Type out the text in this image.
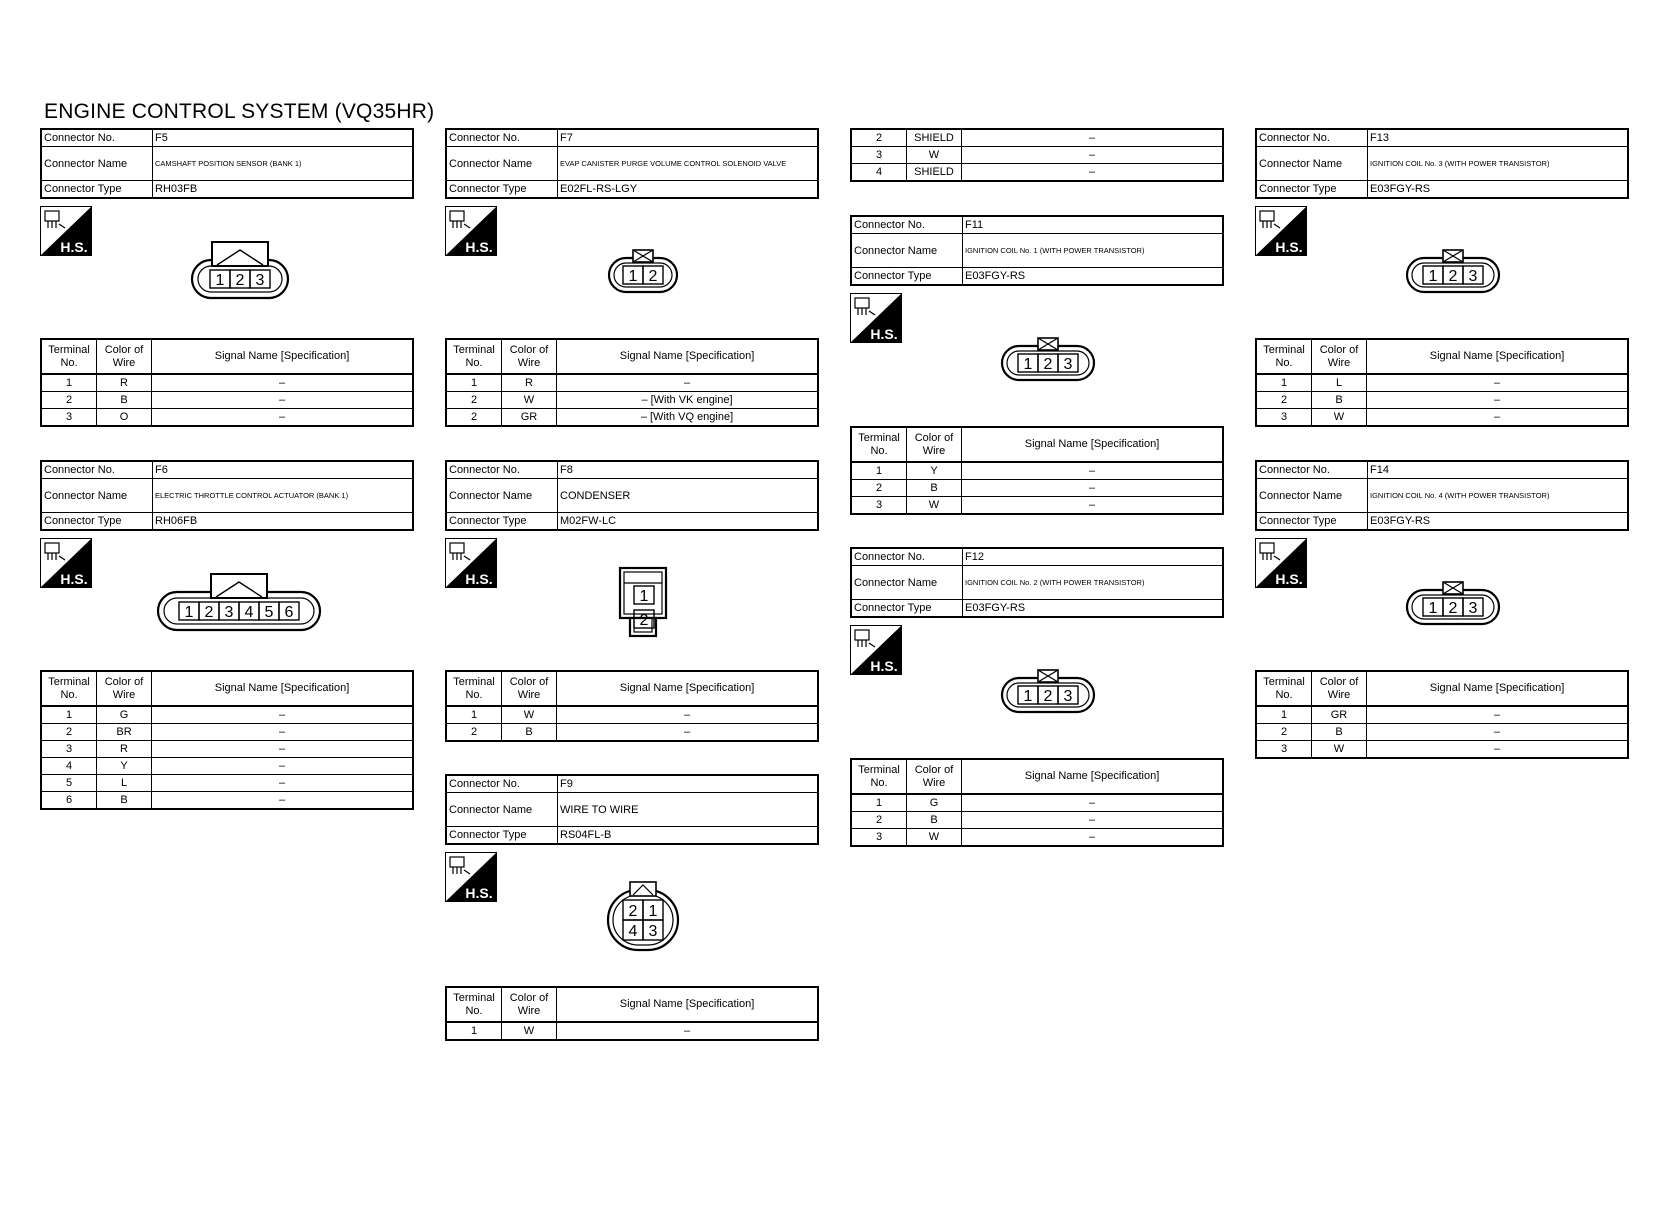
ENGINE CONTROL SYSTEM (VQ35HR)
Connector No.	F5
Connector Name	CAMSHAFT POSITION SENSOR (BANK 1)
Connector Type	RH03FB
H.S.
1 2 3
Terminal No.	Color of Wire	Signal Name [Specification]
1	R	–
2	B	–
3	O	–
Connector No.	F6
Connector Name	ELECTRIC THROTTLE CONTROL ACTUATOR (BANK 1)
Connector Type	RH06FB
H.S.
1 2 3 4 5 6
Terminal No.	Color of Wire	Signal Name [Specification]
1	G	–
2	BR	–
3	R	–
4	Y	–
5	L	–
6	B	–
Connector No.	F7
Connector Name	EVAP CANISTER PURGE VOLUME CONTROL SOLENOID VALVE
Connector Type	E02FL-RS-LGY
H.S.
1 2
Terminal No.	Color of Wire	Signal Name [Specification]
1	R	–
2	W	– [With VK engine]
2	GR	– [With VQ engine]
Connector No.	F8
Connector Name	CONDENSER
Connector Type	M02FW-LC
H.S.
1
2
Terminal No.	Color of Wire	Signal Name [Specification]
1	W	–
2	B	–
Connector No.	F9
Connector Name	WIRE TO WIRE
Connector Type	RS04FL-B
H.S.
2 1
4 3
Terminal No.	Color of Wire	Signal Name [Specification]
1	W	–
2	SHIELD	–
3	W	–
4	SHIELD	–
Connector No.	F11
Connector Name	IGNITION COIL No. 1 (WITH POWER TRANSISTOR)
Connector Type	E03FGY-RS
H.S.
1 2 3
Terminal No.	Color of Wire	Signal Name [Specification]
1	Y	–
2	B	–
3	W	–
Connector No.	F12
Connector Name	IGNITION COIL No. 2 (WITH POWER TRANSISTOR)
Connector Type	E03FGY-RS
H.S.
1 2 3
Terminal No.	Color of Wire	Signal Name [Specification]
1	G	–
2	B	–
3	W	–
Connector No.	F13
Connector Name	IGNITION COIL No. 3 (WITH POWER TRANSISTOR)
Connector Type	E03FGY-RS
H.S.
1 2 3
Terminal No.	Color of Wire	Signal Name [Specification]
1	L	–
2	B	–
3	W	–
Connector No.	F14
Connector Name	IGNITION COIL No. 4 (WITH POWER TRANSISTOR)
Connector Type	E03FGY-RS
H.S.
1 2 3
Terminal No.	Color of Wire	Signal Name [Specification]
1	GR	–
2	B	–
3	W	–
